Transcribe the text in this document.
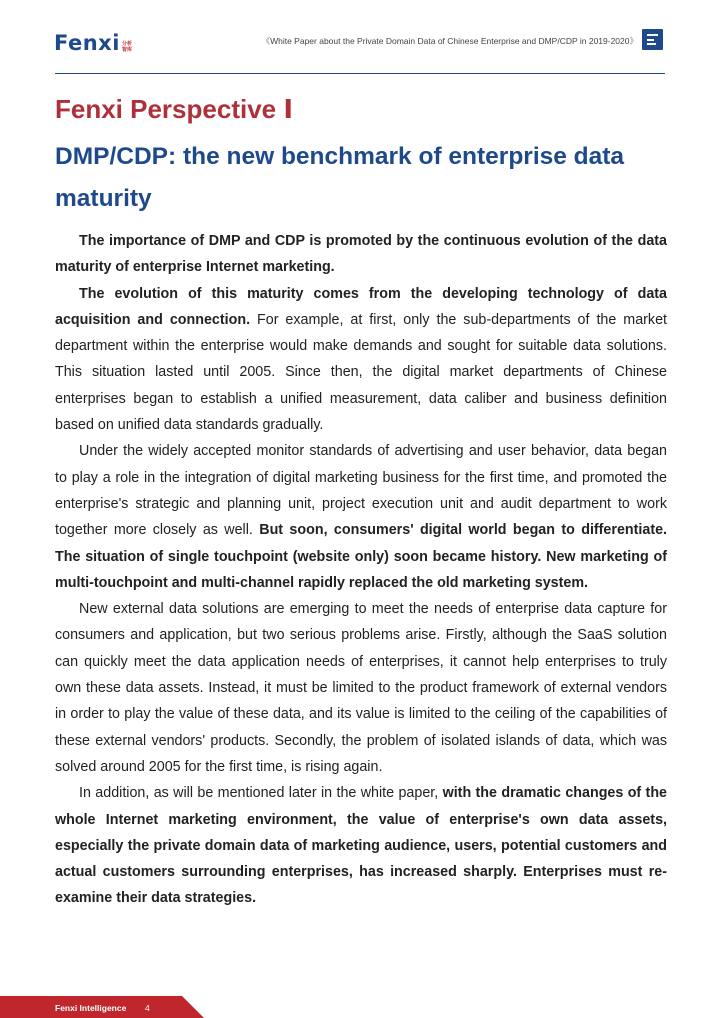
Fenxi 分析
智库
《White Paper about the Private Domain Data of Chinese Enterprise and DMP/CDP in 2019-2020》
Fenxi Perspective Ⅰ
DMP/CDP: the new benchmark of enterprise data maturity

The importance of DMP and CDP is promoted by the continuous evolution of the data maturity of enterprise Internet marketing.

The evolution of this maturity comes from the developing technology of data acquisition and connection. For example, at first, only the sub-departments of the market department within the enterprise would make demands and sought for suitable data solutions. This situation lasted until 2005. Since then, the digital market departments of Chinese enterprises began to establish a unified measurement, data caliber and business definition based on unified data standards gradually.

Under the widely accepted monitor standards of advertising and user behavior, data began to play a role in the integration of digital marketing business for the first time, and promoted the enterprise's strategic and planning unit, project execution unit and audit department to work together more closely as well. But soon, consumers' digital world began to differentiate. The situation of single touchpoint (website only) soon became history. New marketing of multi-touchpoint and multi-channel rapidly replaced the old marketing system.

New external data solutions are emerging to meet the needs of enterprise data capture for consumers and application, but two serious problems arise. Firstly, although the SaaS solution can quickly meet the data application needs of enterprises, it cannot help enterprises to truly own these data assets. Instead, it must be limited to the product framework of external vendors in order to play the value of these data, and its value is limited to the ceiling of the capabilities of these external vendors' products. Secondly, the problem of isolated islands of data, which was solved around 2005 for the first time, is rising again.

In addition, as will be mentioned later in the white paper, with the dramatic changes of the whole Internet marketing environment, the value of enterprise's own data assets, especially the private domain data of marketing audience, users, potential customers and actual customers surrounding enterprises, has increased sharply. Enterprises must re-examine their data strategies.

Fenxi Intelligence 4
